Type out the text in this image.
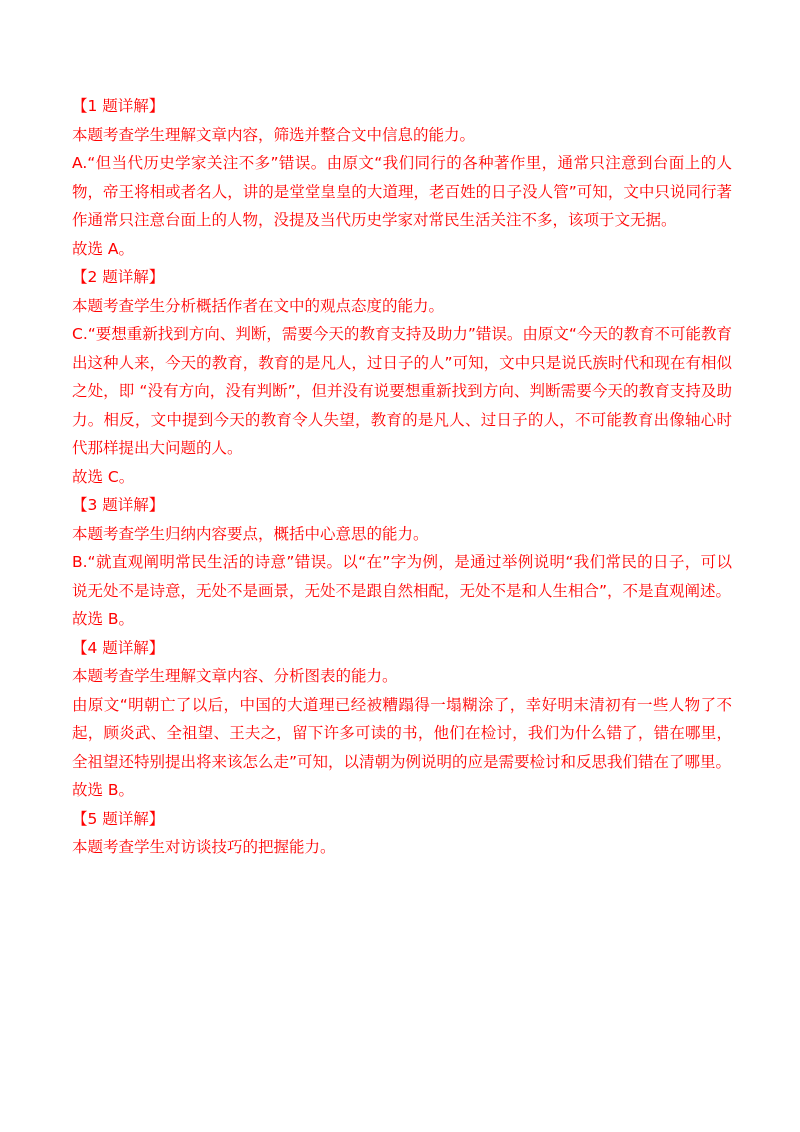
【1 题详解】

本题考查学生理解文章内容，筛选并整合文中信息的能力。

A.“但当代历史学家关注不多”错误。由原文“我们同行的各种著作里，通常只注意到台面上的人物，帝王将相或者名人，讲的是堂堂皇皇的大道理，老百姓的日子没人管”可知，文中只说同行著作通常只注意台面上的人物，没提及当代历史学家对常民生活关注不多，该项于文无据。

故选 A。

【2 题详解】

本题考查学生分析概括作者在文中的观点态度的能力。

C.“要想重新找到方向、判断，需要今天的教育支持及助力”错误。由原文“今天的教育不可能教育出这种人来，今天的教育，教育的是凡人，过日子的人”可知，文中只是说氏族时代和现在有相似之处，即 “没有方向，没有判断”，但并没有说要想重新找到方向、判断需要今天的教育支持及助力。相反，文中提到今天的教育令人失望，教育的是凡人、过日子的人，不可能教育出像轴心时代那样提出大问题的人。

故选 C。

【3 题详解】

本题考查学生归纳内容要点，概括中心意思的能力。

B.“就直观阐明常民生活的诗意”错误。以“在”字为例，是通过举例说明“我们常民的日子，可以说无处不是诗意，无处不是画景，无处不是跟自然相配，无处不是和人生相合”，不是直观阐述。

故选 B。

【4 题详解】

本题考查学生理解文章内容、分析图表的能力。

由原文“明朝亡了以后，中国的大道理已经被糟蹋得一塌糊涂了，幸好明末清初有一些人物了不起，顾炎武、全祖望、王夫之，留下许多可读的书，他们在检讨，我们为什么错了，错在哪里，全祖望还特别提出将来该怎么走”可知，以清朝为例说明的应是需要检讨和反思我们错在了哪里。

故选 B。

【5 题详解】

本题考查学生对访谈技巧的把握能力。
